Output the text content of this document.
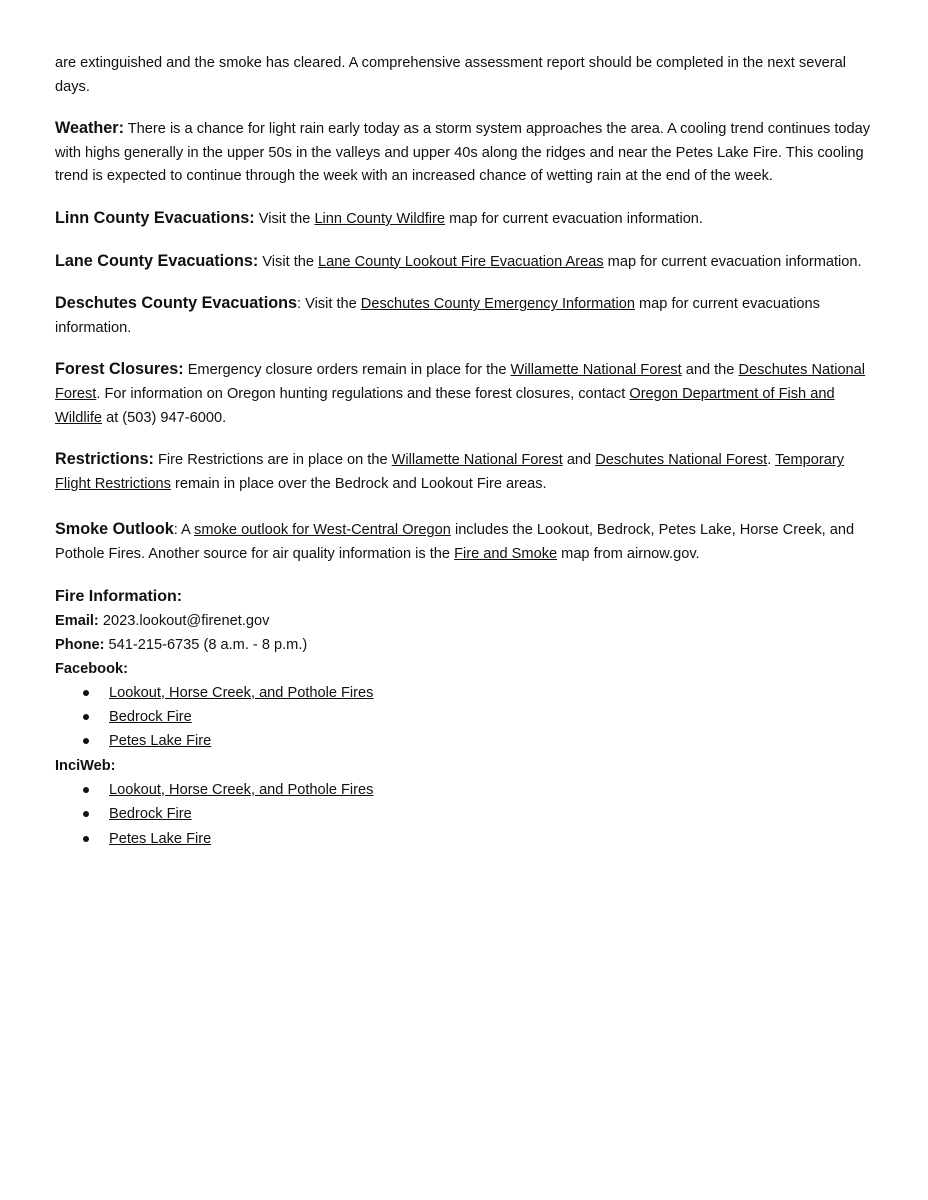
are extinguished and the smoke has cleared. A comprehensive assessment report should be completed in the next several days.

Weather: There is a chance for light rain early today as a storm system approaches the area. A cooling trend continues today with highs generally in the upper 50s in the valleys and upper 40s along the ridges and near the Petes Lake Fire. This cooling trend is expected to continue through the week with an increased chance of wetting rain at the end of the week.

Linn County Evacuations: Visit the Linn County Wildfire map for current evacuation information.

Lane County Evacuations: Visit the Lane County Lookout Fire Evacuation Areas map for current evacuation information.

Deschutes County Evacuations: Visit the Deschutes County Emergency Information map for current evacuations information.

Forest Closures: Emergency closure orders remain in place for the Willamette National Forest and the Deschutes National Forest. For information on Oregon hunting regulations and these forest closures, contact Oregon Department of Fish and Wildlife at (503) 947-6000.

Restrictions: Fire Restrictions are in place on the Willamette National Forest and Deschutes National Forest. Temporary Flight Restrictions remain in place over the Bedrock and Lookout Fire areas.

Smoke Outlook: A smoke outlook for West-Central Oregon includes the Lookout, Bedrock, Petes Lake, Horse Creek, and Pothole Fires. Another source for air quality information is the Fire and Smoke map from airnow.gov.

Fire Information:
Email: 2023.lookout@firenet.gov
Phone: 541-215-6735 (8 a.m. - 8 p.m.)
Facebook:
Lookout, Horse Creek, and Pothole Fires
Bedrock Fire
Petes Lake Fire
InciWeb:
Lookout, Horse Creek, and Pothole Fires
Bedrock Fire
Petes Lake Fire
